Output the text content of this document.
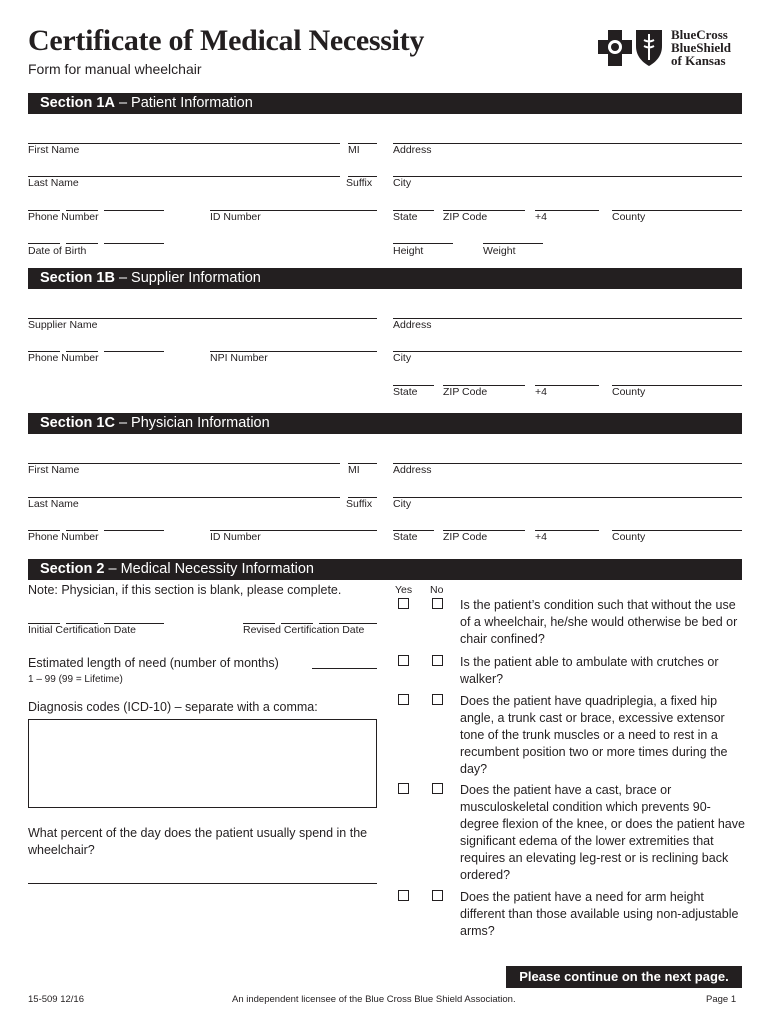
Certificate of Medical Necessity
Form for manual wheelchair
BlueCross
BlueShield
of Kansas
Section 1A – Patient Information
First Name	MI	Address
Last Name	Suffix City
Phone Number	ID Number	State ZIP Code	+4	County
Date of Birth	Height	Weight
Section 1B – Supplier Information
Supplier Name	Address
Phone Number	NPI Number	City
State ZIP Code	+4	County
Section 1C – Physician Information
First Name	MI	Address
Last Name	Suffix City
Phone Number	ID Number	State ZIP Code	+4	County
Section 2 – Medical Necessity Information
Note: Physician, if this section is blank, please complete.	Yes No
Initial Certification Date	Revised Certification Date
Estimated length of need (number of months)
1 – 99 (99 = Lifetime)
Diagnosis codes (ICD-10) – separate with a comma:
What percent of the day does the patient usually spend in the wheelchair?
Is the patient’s condition such that without the use of a wheelchair, he/she would otherwise be bed or chair confined?
Is the patient able to ambulate with crutches or walker?
Does the patient have quadriplegia, a fixed hip angle, a trunk cast or brace, excessive extensor tone of the trunk muscles or a need to rest in a recumbent position two or more times during the day?
Does the patient have a cast, brace or musculoskeletal condition which prevents 90-degree flexion of the knee, or does the patient have significant edema of the lower extremities that requires an elevating leg-rest or is reclining back ordered?
Does the patient have a need for arm height different than those available using non-adjustable arms?
Please continue on the next page.
15-509 12/16	An independent licensee of the Blue Cross Blue Shield Association.	Page 1
